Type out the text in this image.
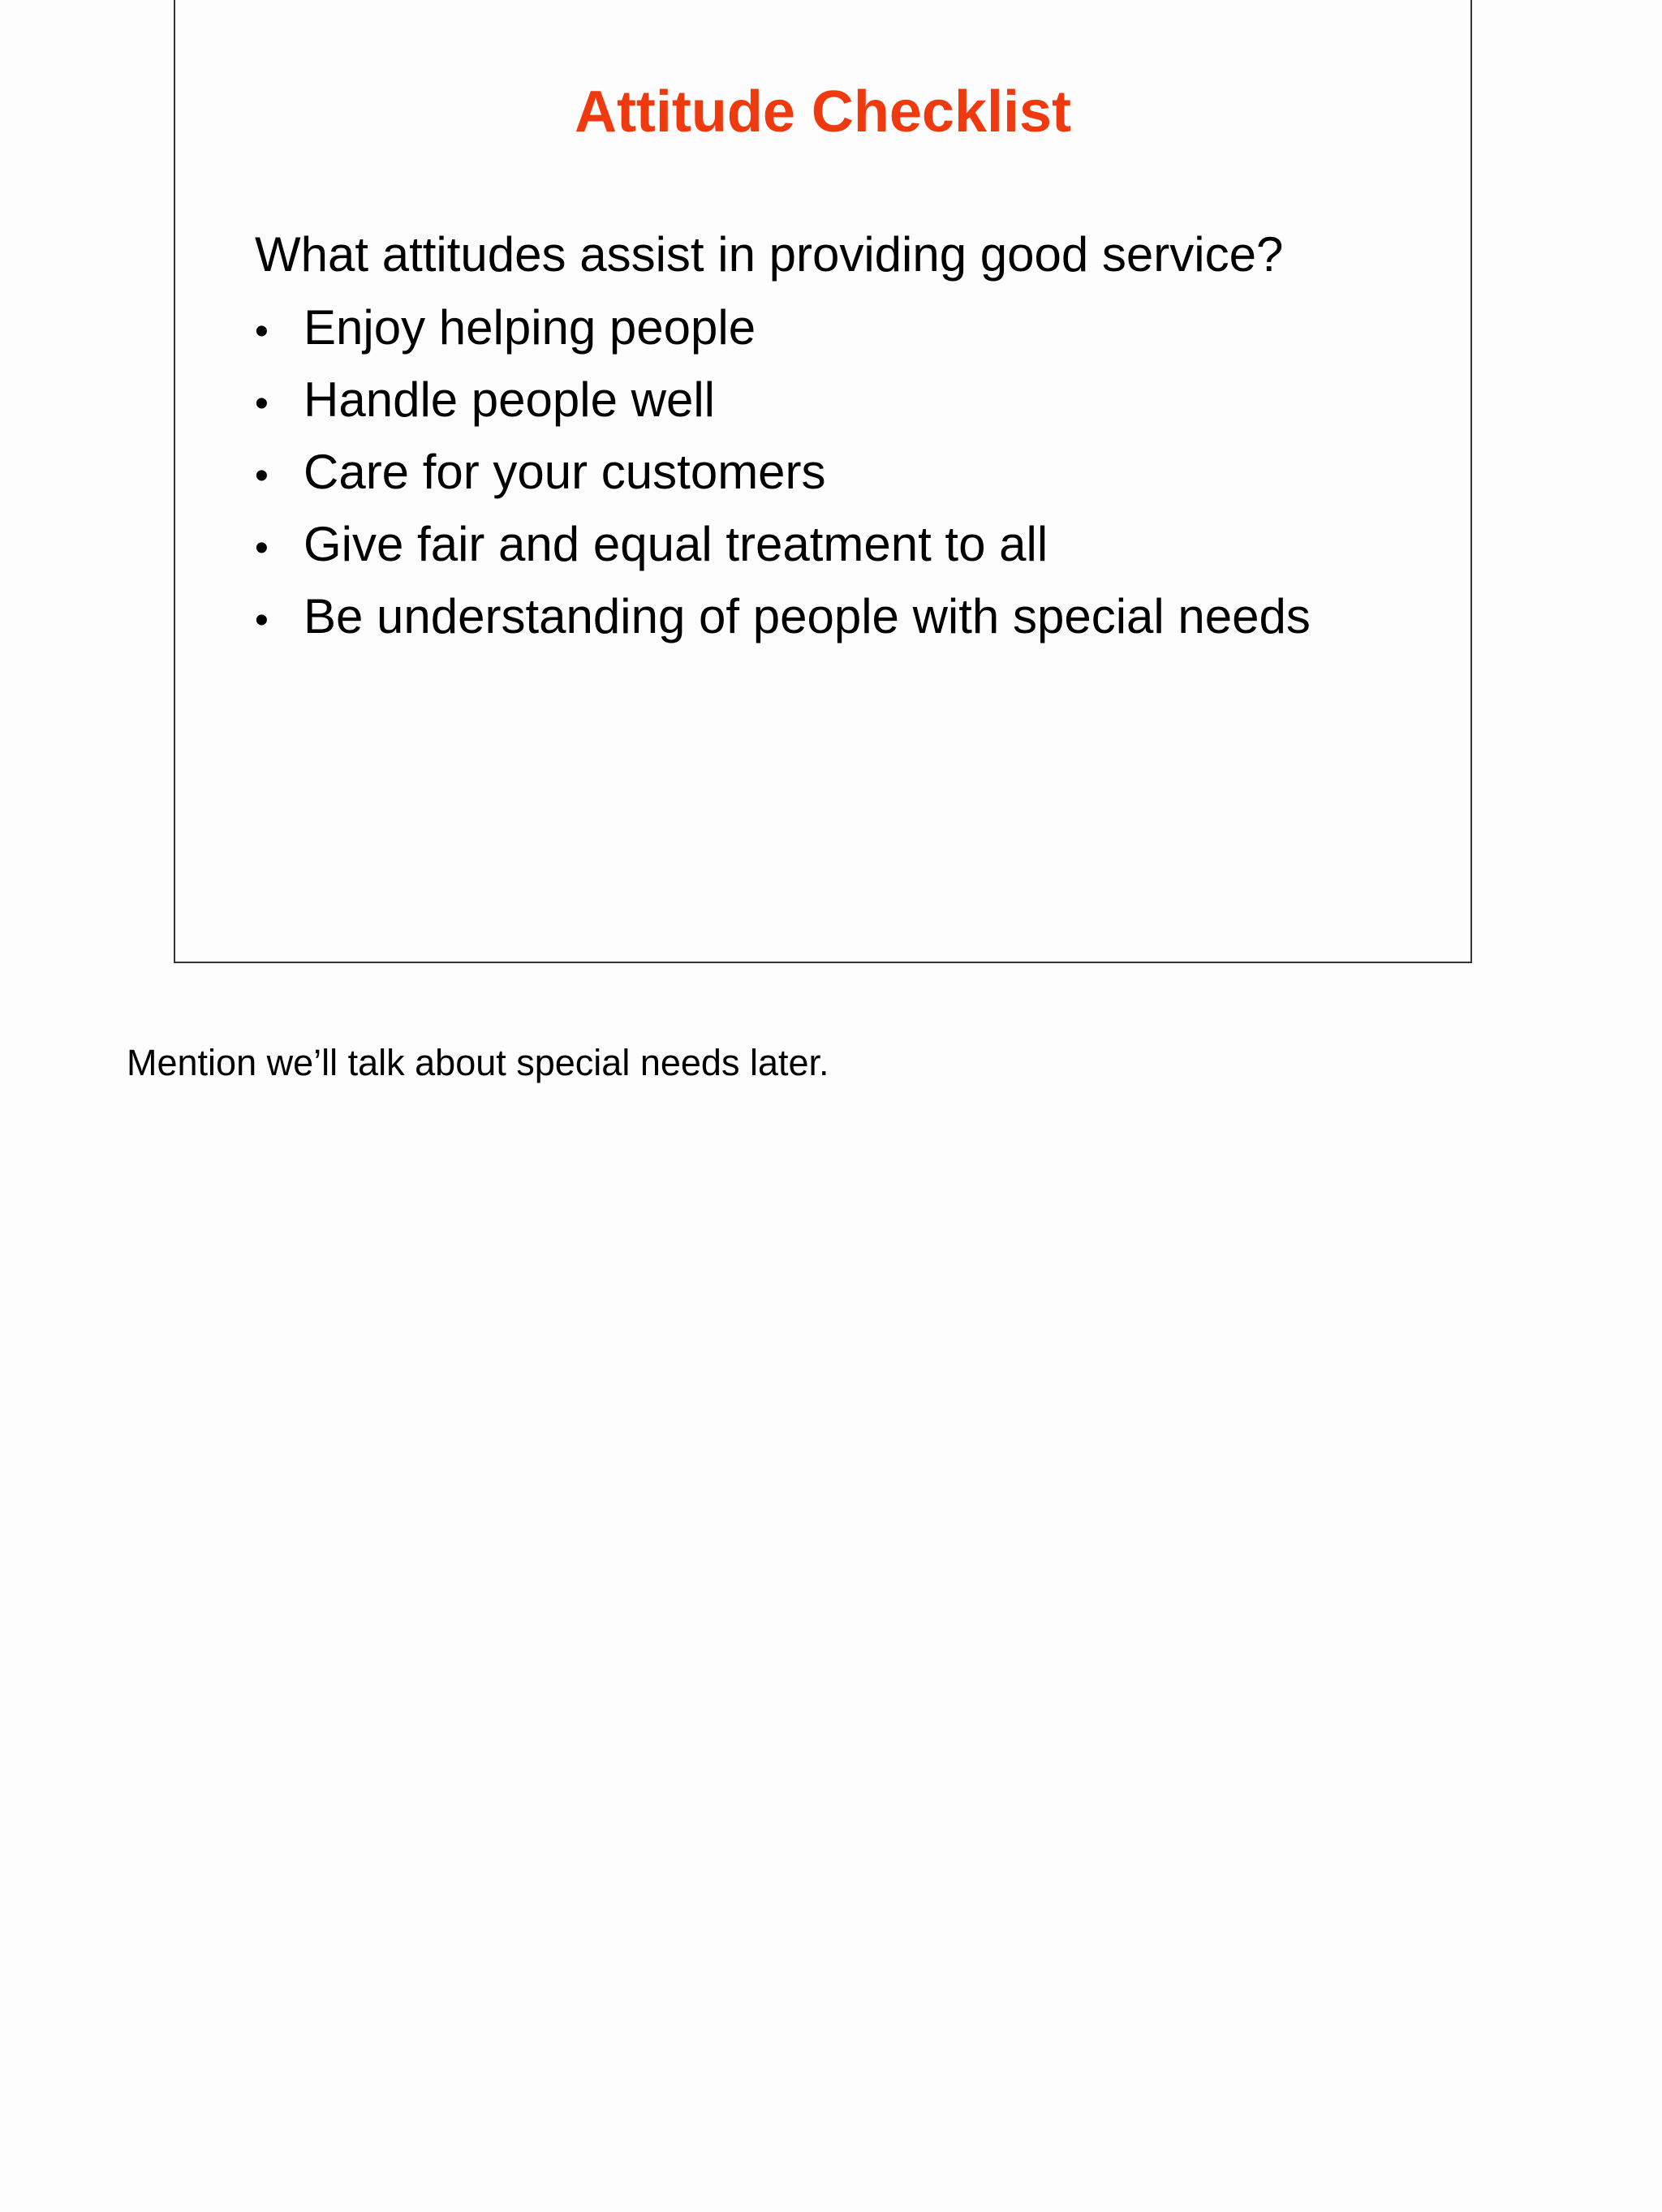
Attitude Checklist

What attitudes assist in providing good service?

• Enjoy helping people
• Handle people well
• Care for your customers
• Give fair and equal treatment to all
• Be understanding of people with special needs

Mention we’ll talk about special needs later.
